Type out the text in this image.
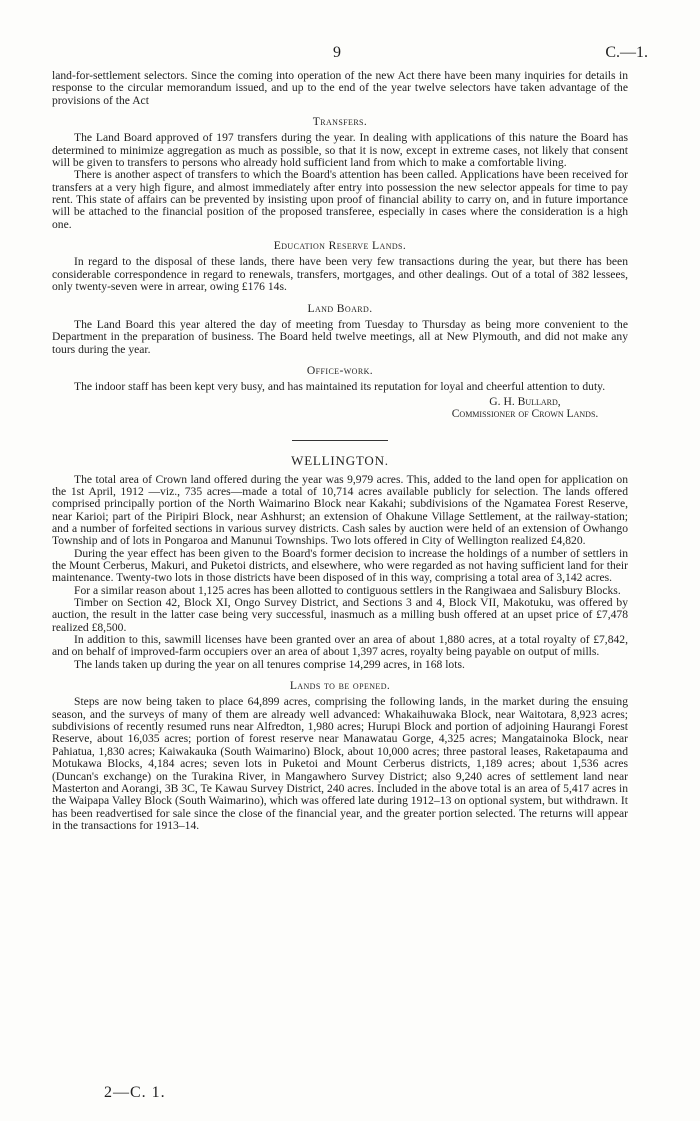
9	C.—1.

land-for-settlement selectors. Since the coming into operation of the new Act there have been many inquiries for details in response to the circular memorandum issued, and up to the end of the year twelve selectors have taken advantage of the provisions of the Act

Transfers.

The Land Board approved of 197 transfers during the year. In dealing with applications of this nature the Board has determined to minimize aggregation as much as possible, so that it is now, except in extreme cases, not likely that consent will be given to transfers to persons who already hold sufficient land from which to make a comfortable living.

There is another aspect of transfers to which the Board's attention has been called. Applications have been received for transfers at a very high figure, and almost immediately after entry into possession the new selector appeals for time to pay rent. This state of affairs can be prevented by insisting upon proof of financial ability to carry on, and in future importance will be attached to the financial position of the proposed transferee, especially in cases where the consideration is a high one.

Education Reserve Lands.

In regard to the disposal of these lands, there have been very few transactions during the year, but there has been considerable correspondence in regard to renewals, transfers, mortgages, and other dealings. Out of a total of 382 lessees, only twenty-seven were in arrear, owing £176 14s.

Land Board.

The Land Board this year altered the day of meeting from Tuesday to Thursday as being more convenient to the Department in the preparation of business. The Board held twelve meetings, all at New Plymouth, and did not make any tours during the year.

Office-work.

The indoor staff has been kept very busy, and has maintained its reputation for loyal and cheerful attention to duty.

G. H. Bullard,

Commissioner of Crown Lands.

WELLINGTON.

The total area of Crown land offered during the year was 9,979 acres. This, added to the land open for application on the 1st April, 1912 —viz., 735 acres—made a total of 10,714 acres available publicly for selection. The lands offered comprised principally portion of the North Waimarino Block near Kakahi; subdivisions of the Ngamatea Forest Reserve, near Karioi; part of the Piripiri Block, near Ashhurst; an extension of Ohakune Village Settlement, at the railway-station; and a number of forfeited sections in various survey districts. Cash sales by auction were held of an extension of Owhango Township and of lots in Pongaroa and Manunui Townships. Two lots offered in City of Wellington realized £4,820.

During the year effect has been given to the Board's former decision to increase the holdings of a number of settlers in the Mount Cerberus, Makuri, and Puketoi districts, and elsewhere, who were regarded as not having sufficient land for their maintenance. Twenty-two lots in those districts have been disposed of in this way, comprising a total area of 3,142 acres.

For a similar reason about 1,125 acres has been allotted to contiguous settlers in the Rangiwaea and Salisbury Blocks.

Timber on Section 42, Block XI, Ongo Survey District, and Sections 3 and 4, Block VII, Makotuku, was offered by auction, the result in the latter case being very successful, inasmuch as a milling bush offered at an upset price of £7,478 realized £8,500.

In addition to this, sawmill licenses have been granted over an area of about 1,880 acres, at a total royalty of £7,842, and on behalf of improved-farm occupiers over an area of about 1,397 acres, royalty being payable on output of mills.

The lands taken up during the year on all tenures comprise 14,299 acres, in 168 lots.

Lands to be opened.

Steps are now being taken to place 64,899 acres, comprising the following lands, in the market during the ensuing season, and the surveys of many of them are already well advanced: Whakaihuwaka Block, near Waitotara, 8,923 acres; subdivisions of recently resumed runs near Alfredton, 1,980 acres; Hurupi Block and portion of adjoining Haurangi Forest Reserve, about 16,035 acres; portion of forest reserve near Manawatau Gorge, 4,325 acres; Mangatainoka Block, near Pahiatua, 1,830 acres; Kaiwakauka (South Waimarino) Block, about 10,000 acres; three pastoral leases, Raketapauma and Motukawa Blocks, 4,184 acres; seven lots in Puketoi and Mount Cerberus districts, 1,189 acres; about 1,536 acres (Duncan's exchange) on the Turakina River, in Mangawhero Survey District; also 9,240 acres of settlement land near Masterton and Aorangi, 3B 3C, Te Kawau Survey District, 240 acres. Included in the above total is an area of 5,417 acres in the Waipapa Valley Block (South Waimarino), which was offered late during 1912–13 on optional system, but withdrawn. It has been readvertised for sale since the close of the financial year, and the greater portion selected. The returns will appear in the transactions for 1913–14.

2—C. 1.
